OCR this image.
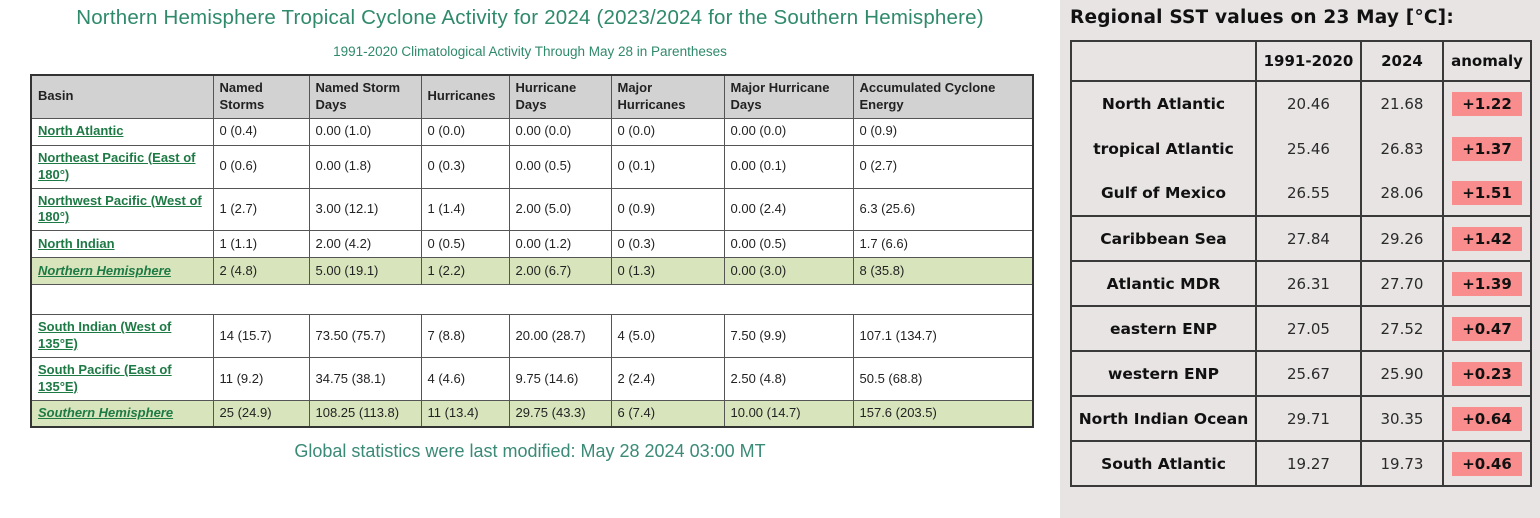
Northern Hemisphere Tropical Cyclone Activity for 2024 (2023/2024 for the Southern Hemisphere)
1991-2020 Climatological Activity Through May 28 in Parentheses
Basin	Named Storms	Named Storm Days	Hurricanes	Hurricane Days	Major Hurricanes	Major Hurricane Days	Accumulated Cyclone Energy
North Atlantic	0 (0.4)	0.00 (1.0)	0 (0.0)	0.00 (0.0)	0 (0.0)	0.00 (0.0)	0 (0.9)
Northeast Pacific (East of 180°)	0 (0.6)	0.00 (1.8)	0 (0.3)	0.00 (0.5)	0 (0.1)	0.00 (0.1)	0 (2.7)
Northwest Pacific (West of 180°)	1 (2.7)	3.00 (12.1)	1 (1.4)	2.00 (5.0)	0 (0.9)	0.00 (2.4)	6.3 (25.6)
North Indian	1 (1.1)	2.00 (4.2)	0 (0.5)	0.00 (1.2)	0 (0.3)	0.00 (0.5)	1.7 (6.6)
Northern Hemisphere	2 (4.8)	5.00 (19.1)	1 (2.2)	2.00 (6.7)	0 (1.3)	0.00 (3.0)	8 (35.8)

South Indian (West of 135°E)	14 (15.7)	73.50 (75.7)	7 (8.8)	20.00 (28.7)	4 (5.0)	7.50 (9.9)	107.1 (134.7)
South Pacific (East of 135°E)	11 (9.2)	34.75 (38.1)	4 (4.6)	9.75 (14.6)	2 (2.4)	2.50 (4.8)	50.5 (68.8)
Southern Hemisphere	25 (24.9)	108.25 (113.8)	11 (13.4)	29.75 (43.3)	6 (7.4)	10.00 (14.7)	157.6 (203.5)
Global statistics were last modified: May 28 2024 03:00 MT
Regional SST values on 23 May [°C]:
	1991-2020	2024	anomaly
North Atlantic	20.46	21.68	+1.22
tropical Atlantic	25.46	26.83	+1.37
Gulf of Mexico	26.55	28.06	+1.51
Caribbean Sea	27.84	29.26	+1.42
Atlantic MDR	26.31	27.70	+1.39
eastern ENP	27.05	27.52	+0.47
western ENP	25.67	25.90	+0.23
North Indian Ocean	29.71	30.35	+0.64
South Atlantic	19.27	19.73	+0.46
